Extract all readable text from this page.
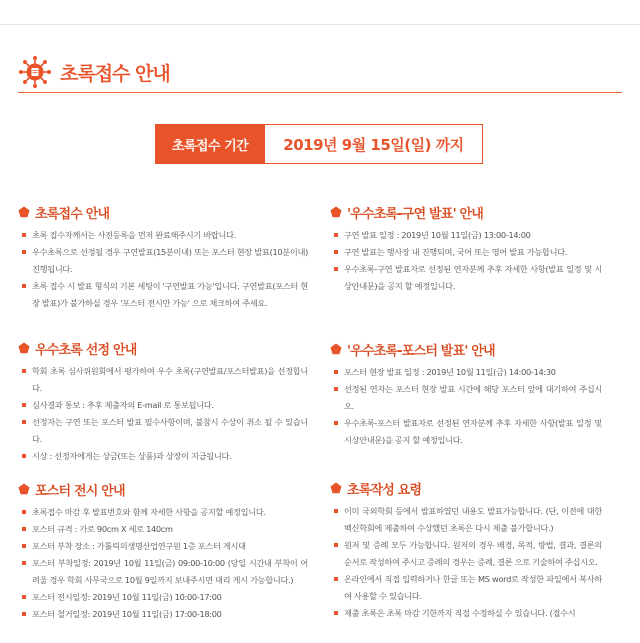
초록접수 안내
초록접수 기간	2019년 9월 15일(일) 까지
초록접수 안내
초록 접수자께서는 사전등록을 먼저 완료해주시기 바랍니다.
우수초록으로 선정될 경우 구연발표(15분이내) 또는 포스터 현장 발표(10분이내) 진행됩니다.
초록 접수 시 발표 형식의 기본 세팅이 '구연발표 가능'입니다. 구연발표(포스터 현장 발표)가 불가하실 경우 '포스터 전시만 가능' 으로 체크하여 주세요.
우수초록 선정 안내
학회 초록 심사위원회에서 평가하여 우수 초록(구연발표/포스터발표)을 선정합니다.
심사결과 통보 : 추후 제출자의 E-mail 로 통보됩니다.
선정자는 구연 또는 포스터 발표 필수사항이며, 불참시 수상이 취소 될 수 있습니다.
시상 : 선정자에게는 상금(또는 상품)과 상장이 지급됩니다.
포스터 전시 안내
초록접수 마감 후 발표번호와 함께 자세한 사항을 공지할 예정입니다.
포스터 규격 : 가로 90cm X 세로 140cm
포스터 부착 장소 : 가톨릭의생명산업연구원 1층 포스터 게시대
포스터 부착일정: 2019년 10월 11일(금) 09:00-10:00 (당일 시간내 부착이 어려울 경우 학회 사무국으로 10월 9일까지 보내주시면 대리 게시 가능합니다.)
포스터 전시일정: 2019년 10월 11일(금) 10:00-17:00
포스터 철거일정: 2019년 10월 11일(금) 17:00-18:00
'우수초록-구연 발표' 안내
구연 발표 일정 : 2019년 10월 11일(금) 13:00-14:00
구연 발표는 행사장 내 진행되며, 국어 또는 영어 발표 가능합니다.
우수초록-구연 발표자로 선정된 연자분께 추후 자세한 사항(발표 일정 및 시상안내문)을 공지 할 예정입니다.
'우수초록-포스터 발표' 안내
포스터 현장 발표 일정 : 2019년 10월 11일(금) 14:00-14:30
선정된 연자는 포스터 현장 발표 시간에 해당 포스터 앞에 대기하여 주십시오.
우수초록-포스터 발표자로 선정된 연자분께 추후 자세한 사항(발표 일정 및 시상안내문)을 공지 할 예정입니다.
초록작성 요령
이미 국외학회 등에서 발표하였던 내용도 발표가능합니다. (단, 이전에 대한백신학회에 제출하여 수상했던 초록은 다시 제출 불가합니다.)
원저 및 증례 모두 가능합니다. 원저의 경우 배경, 목적, 방법, 결과, 결론의 순서로 작성하여 주시고 증례의 경우는 증례, 결론 으로 기술하여 주십시오.
온라인에서 직접 입력하거나 한글 또는 MS word로 작성한 파일에서 복사하여 사용할 수 있습니다.
제출 초록은 초록 마감 기한까지 직접 수정하실 수 있습니다. (접수시
